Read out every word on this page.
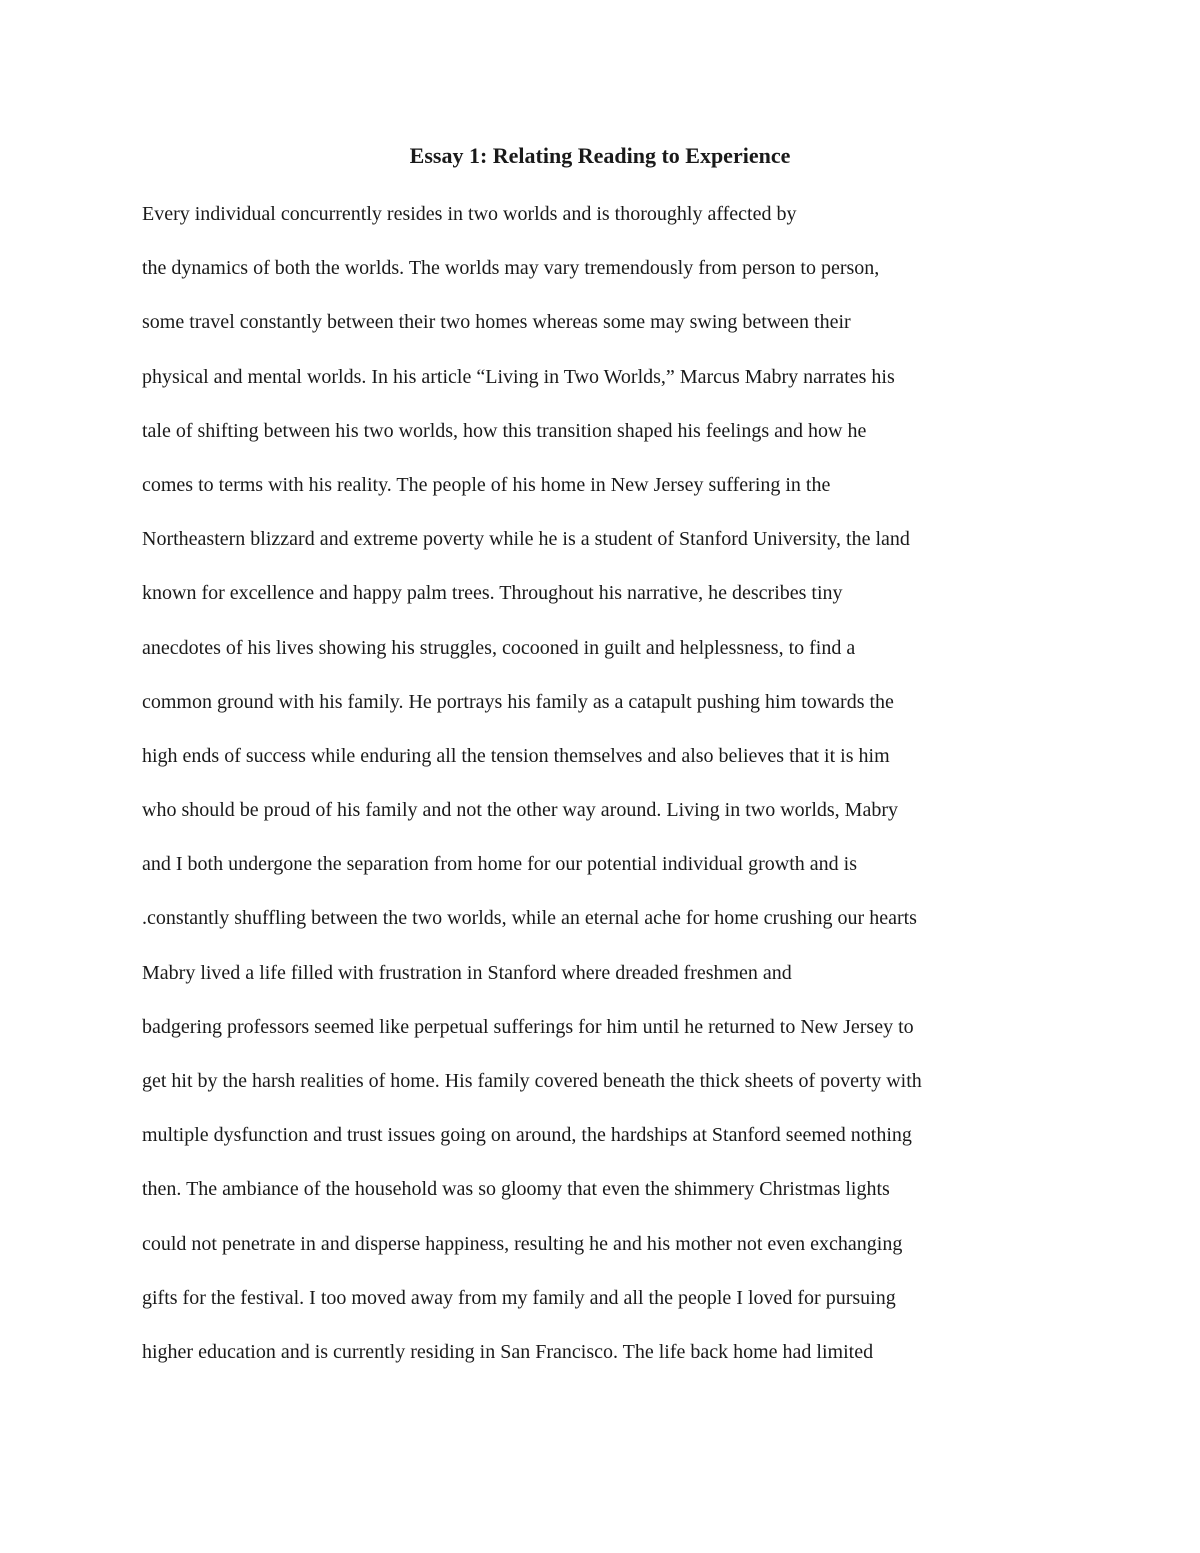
Essay 1: Relating Reading to Experience
Every individual concurrently resides in two worlds and is thoroughly affected by
the dynamics of both the worlds. The worlds may vary tremendously from person to person,
some travel constantly between their two homes whereas some may swing between their
physical and mental worlds. In his article “Living in Two Worlds,” Marcus Mabry narrates his
tale of shifting between his two worlds, how this transition shaped his feelings and how he
comes to terms with his reality. The people of his home in New Jersey suffering in the
Northeastern blizzard and extreme poverty while he is a student of Stanford University, the land
known for excellence and happy palm trees. Throughout his narrative, he describes tiny
anecdotes of his lives showing his struggles, cocooned in guilt and helplessness, to find a
common ground with his family. He portrays his family as a catapult pushing him towards the
high ends of success while enduring all the tension themselves and also believes that it is him
who should be proud of his family and not the other way around. Living in two worlds, Mabry
and I both undergone the separation from home for our potential individual growth and is
.constantly shuffling between the two worlds, while an eternal ache for home crushing our hearts
Mabry lived a life filled with frustration in Stanford where dreaded freshmen and
badgering professors seemed like perpetual sufferings for him until he returned to New Jersey to
get hit by the harsh realities of home. His family covered beneath the thick sheets of poverty with
multiple dysfunction and trust issues going on around, the hardships at Stanford seemed nothing
then. The ambiance of the household was so gloomy that even the shimmery Christmas lights
could not penetrate in and disperse happiness, resulting he and his mother not even exchanging
gifts for the festival. I too moved away from my family and all the people I loved for pursuing
higher education and is currently residing in San Francisco. The life back home had limited
